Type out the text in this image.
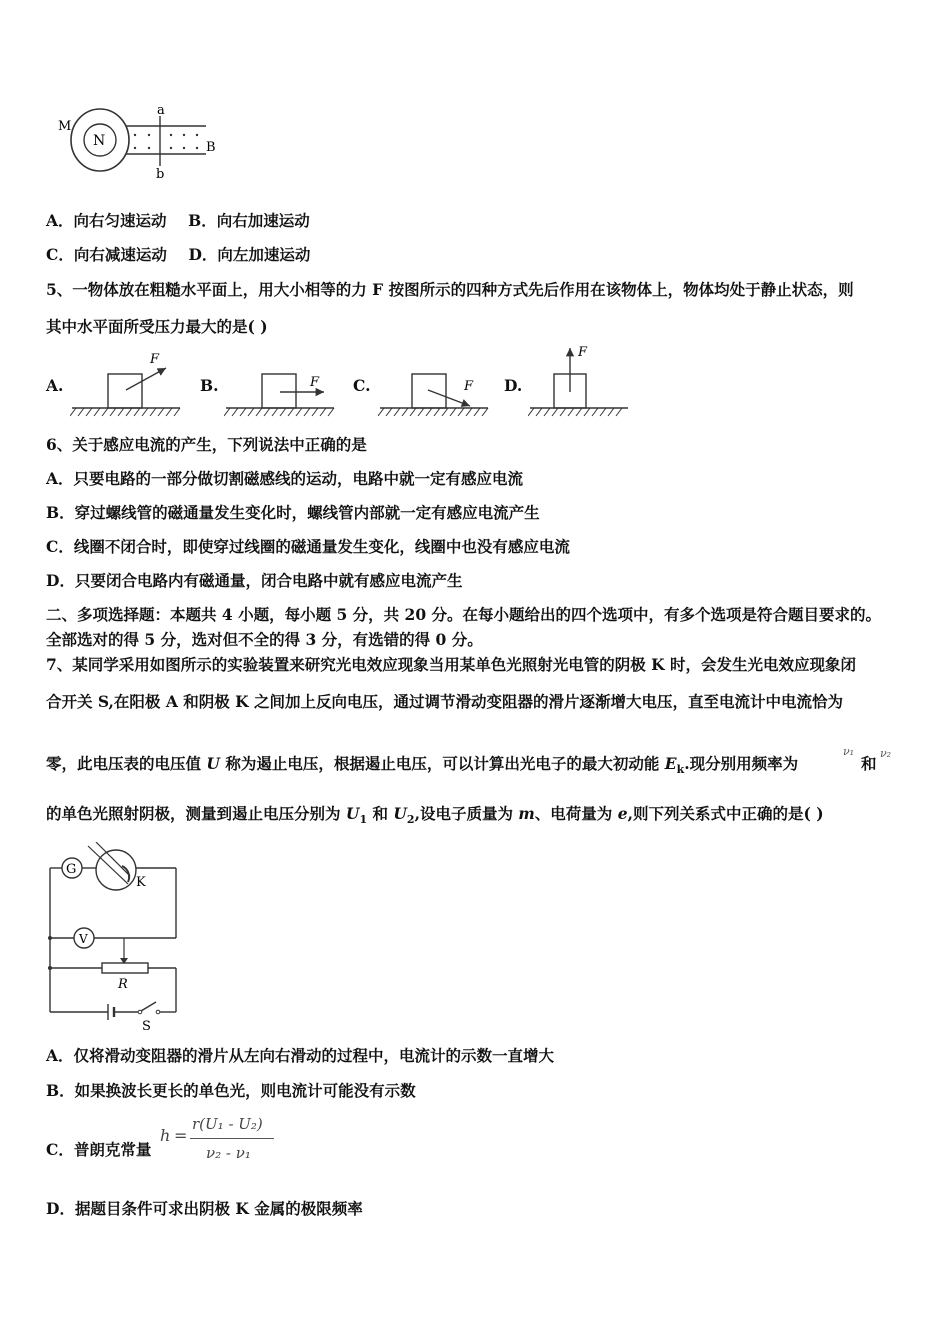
M
N
a
b
B
A．向右匀速运动 B．向右加速运动
C．向右减速运动 D．向左加速运动
5、一物体放在粗糙水平面上，用大小相等的力 F 按图所示的四种方式先后作用在该物体上，物体均处于静止状态，则
其中水平面所受压力最大的是( )
A.
F
B.	F C.	F D.
F
6、关于感应电流的产生，下列说法中正确的是
A．只要电路的一部分做切割磁感线的运动，电路中就一定有感应电流
B．穿过螺线管的磁通量发生变化时，螺线管内部就一定有感应电流产生
C．线圈不闭合时，即使穿过线圈的磁通量发生变化，线圈中也没有感应电流
D．只要闭合电路内有磁通量，闭合电路中就有感应电流产生
二、多项选择题：本题共 4 小题，每小题 5 分，共 20 分。在每小题给出的四个选项中，有多个选项是符合题目要求的。
全部选对的得 5 分，选对但不全的得 3 分，有选错的得 0 分。
7、某同学采用如图所示的实验装置来研究光电效应现象当用某单色光照射光电管的阴极 K 时，会发生光电效应现象闭
合开关 S,在阳极 A 和阴极 K 之间加上反向电压，通过调节滑动变阻器的滑片逐渐增大电压，直至电流计中电流恰为
零，此电压表的电压值 U 称为遏止电压，根据遏止电压，可以计算出光电子的最大初动能 $E_k$.现分别用频率为
ν₁
和
ν₂
的单色光照射阴极，测量到遏止电压分别为 $U_1$ 和 $U_2$,设电子质量为 m、电荷量为 e,则下列关系式中正确的是( )
G
K
V
R
S
A．仅将滑动变阻器的滑片从左向右滑动的过程中，电流计的示数一直增大
B．如果换波长更长的单色光，则电流计可能没有示数
C．普朗克常量
h =
r(U₁ - U₂)
ν₂ - ν₁
D．据题目条件可求出阴极 K 金属的极限频率
